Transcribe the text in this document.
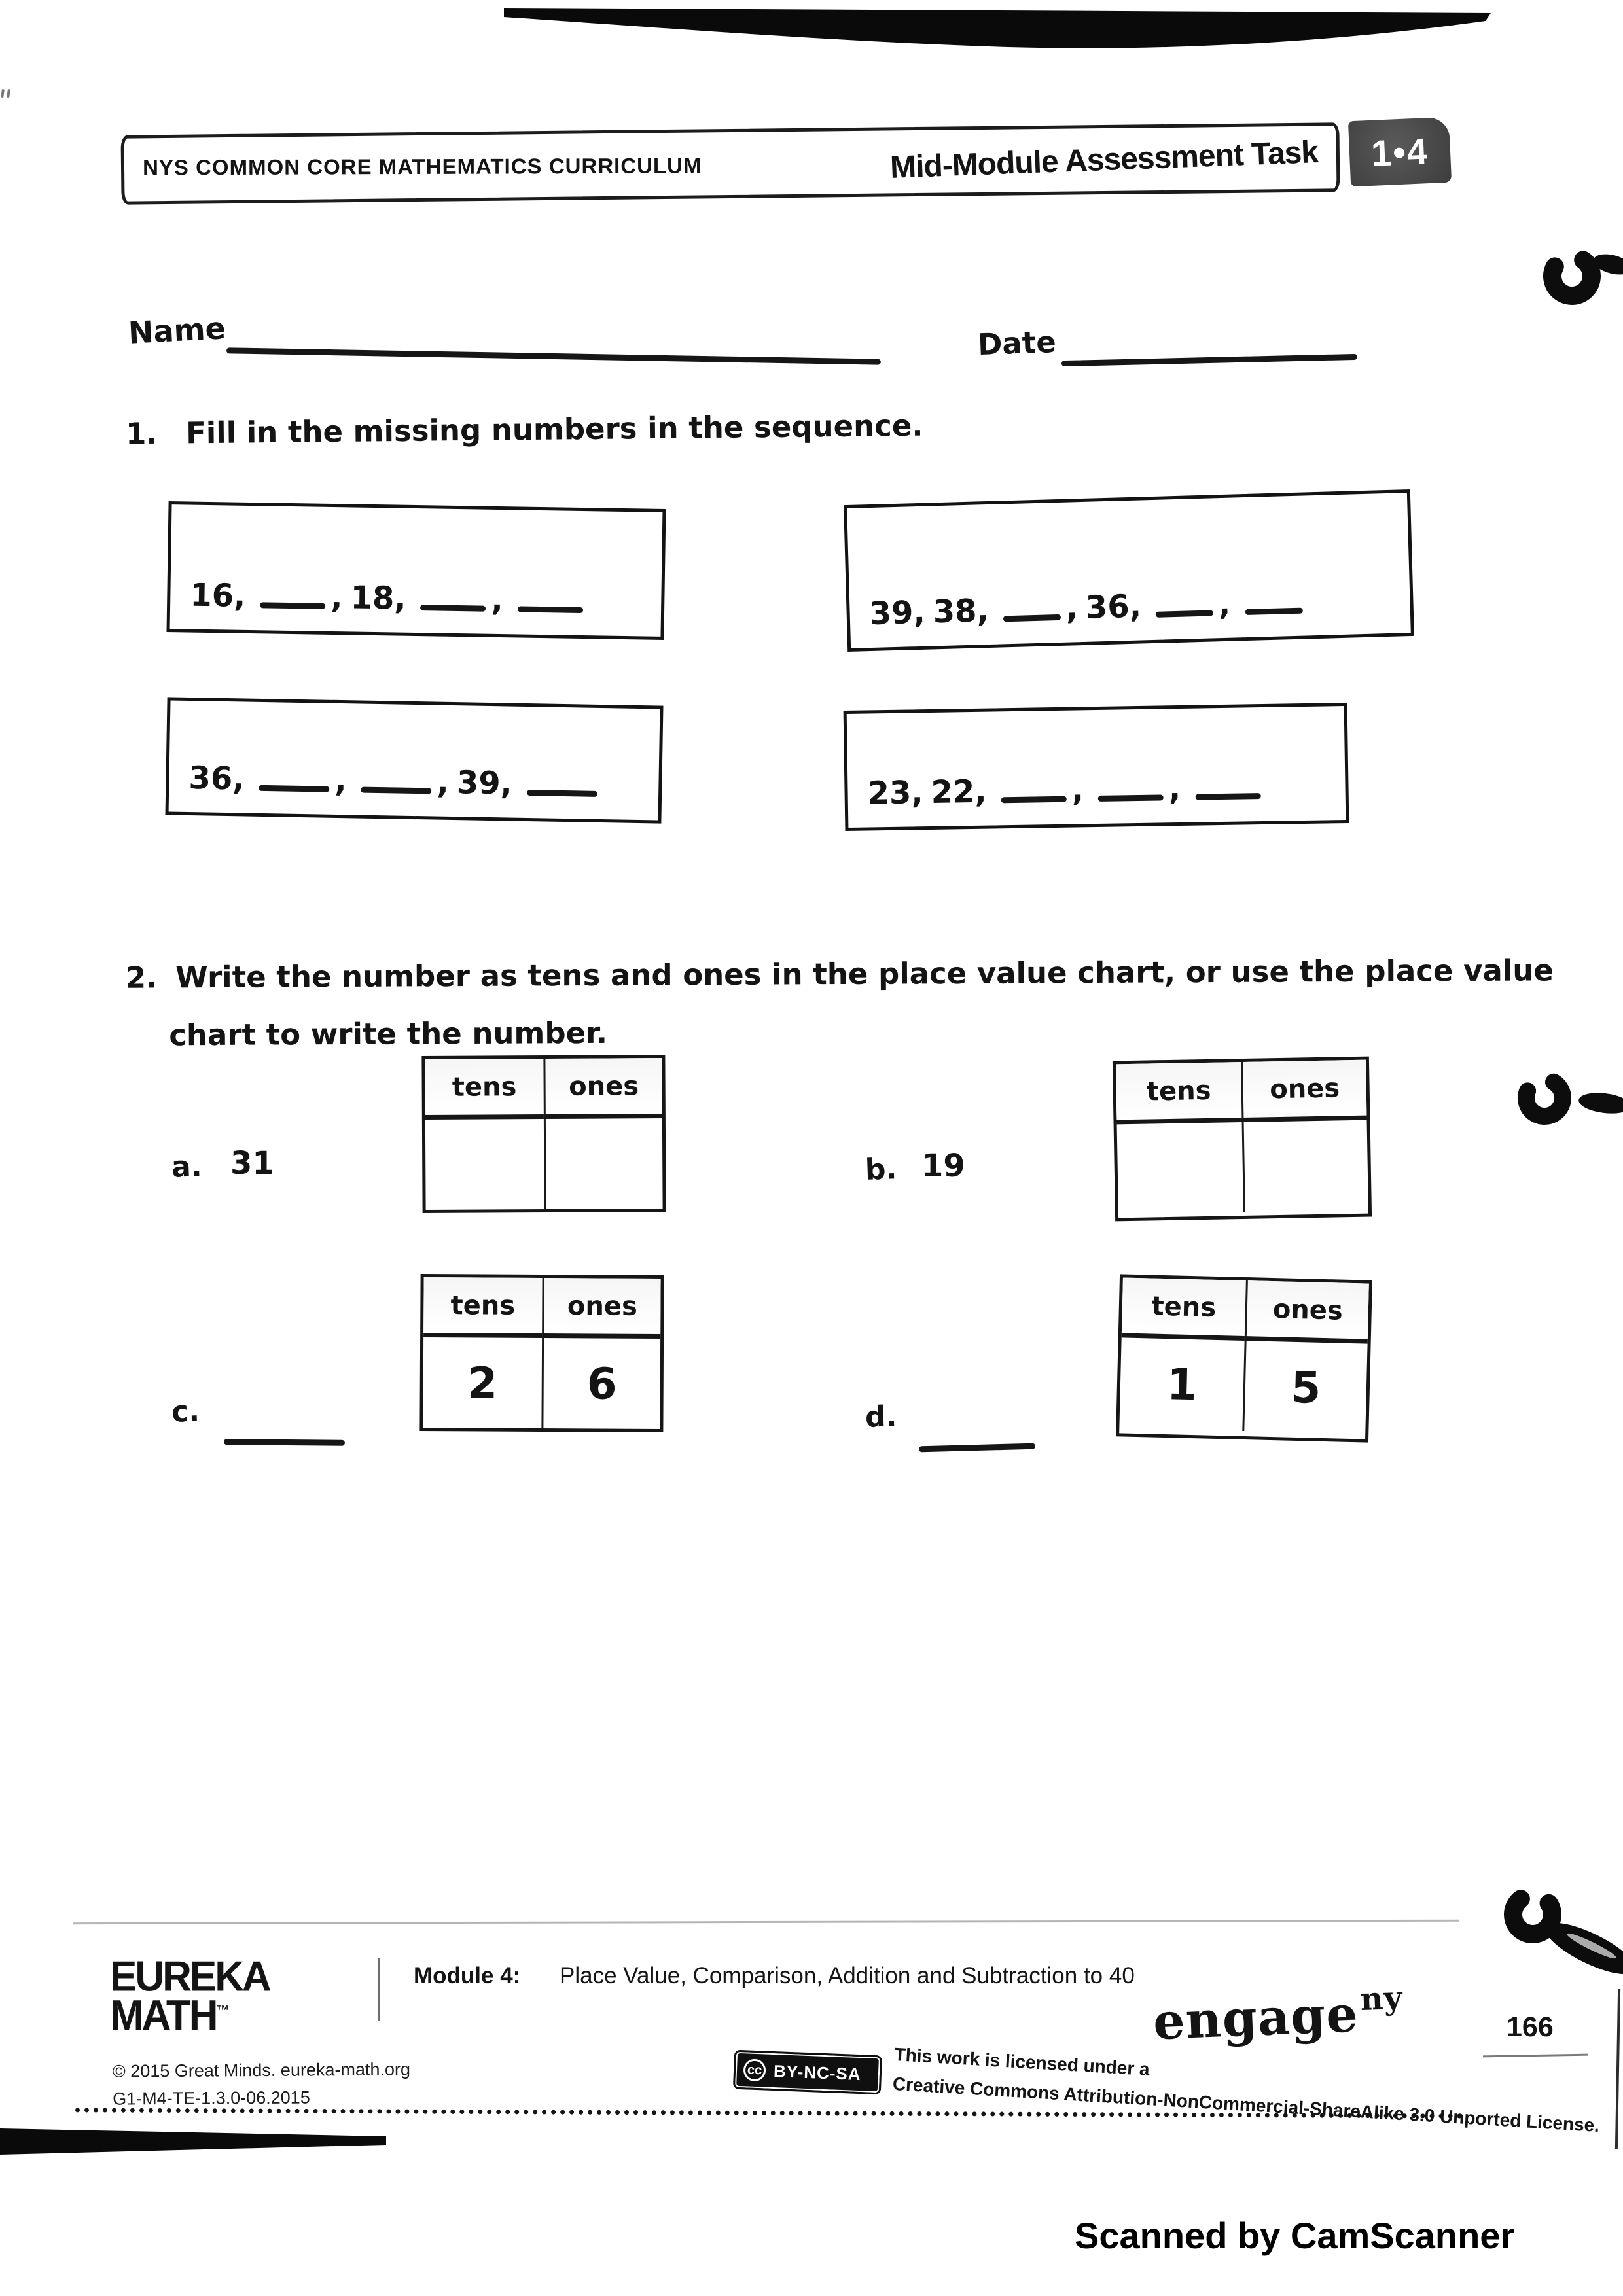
NYS COMMON CORE MATHEMATICS CURRICULUM	Mid-Module Assessment Task	1•4
Name	Date
1. Fill in the missing numbers in the sequence.
16,	, 18,	,	39, 38, , 36, ,
36,	,	, 39,	23, 22,	,	,
2. Write the number as tens and ones in the place value chart, or use the place value
chart to write the number.
a. 31
tens	ones
b. 19
tens	ones
c.
tens	ones
2	6
d.
tens	ones
1	5
EUREKA
MATH™
Module 4: Place Value, Comparison, Addition and Subtraction to 40
engage$^{ny}$
166
© 2015 Great Minds. eureka-math.org
G1-M4-TE-1.3.0-06.2015
cc BY-NC-SA This work is licensed under a
Creative Commons Attribution-NonCommercial-ShareAlike 3.0 Unported License.
Scanned by CamScanner
